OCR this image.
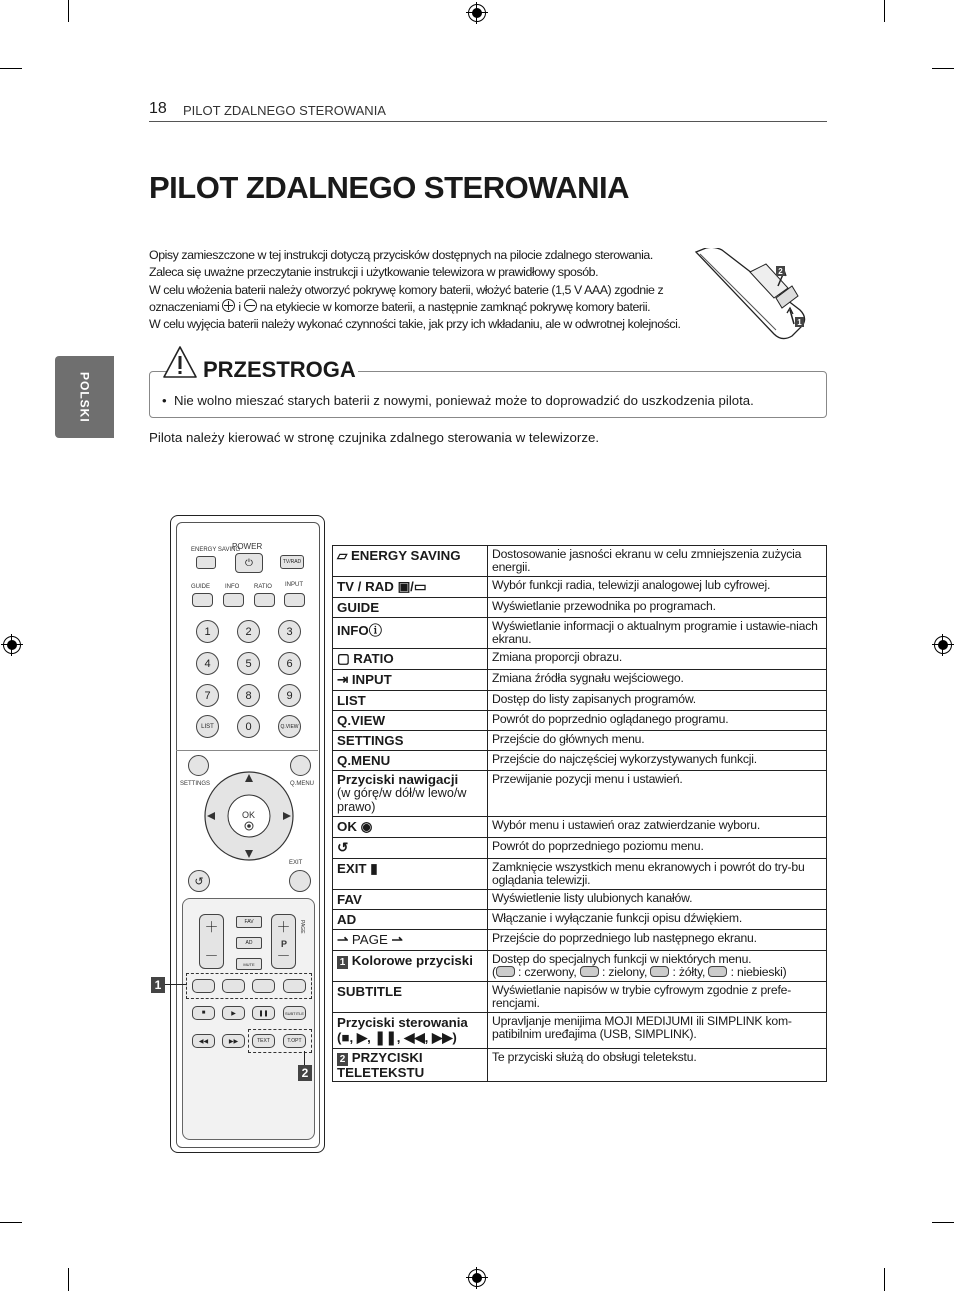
18 PILOT ZDALNEGO STEROWANIA
PILOT ZDALNEGO STEROWANIA
POLSKI

Opisy zamieszczone w tej instrukcji dotyczą przycisków dostępnych na pilocie zdalnego sterowania.

Zaleca się uważne przeczytanie instrukcji i użytkowanie telewizora w prawidłowy sposób.

W celu włożenia baterii należy otworzyć pokrywę komory baterii, włożyć baterie (1,5 V AAA) zgodnie z

oznaczeniami i na etykiecie w komorze baterii, a następnie zamknąć pokrywę komory baterii.

W celu wyjęcia baterii należy wykonać czynności takie, jak przy ich wkładaniu, ale w odwrotnej kolejności.

2
1
PRZESTROGA
•  Nie wolno mieszać starych baterii z nowymi, ponieważ może to doprowadzić do uszkodzenia pilota.
Pilota należy kierować w stronę czujnika zdalnego sterowania w telewizorze.
ENERGY SAVING
POWER
⏻	TV/RAD
GUIDE INFO RATIO INPUT
1	2	3
4	5	6
7	8	9
LIST	0	Q.VIEW
SETTINGS	Q.MENU
OK
EXIT
↺
＋
－
＋
－
P
FAV
AD
MUTE
PAGE
1
■	▶	❚❚	SUBTITLE
◀◀	▶▶	TEXT	T.OPT
2
▱ ENERGY SAVING	Dostosowanie jasności ekranu w celu zmniejszenia zużycia energii.
TV / RAD ▣/▭	Wybór funkcji radia, telewizji analogowej lub cyfrowej.
GUIDE	Wyświetlanie przewodnika po programach.
INFOⓘ	Wyświetlanie informacji o aktualnym programie i ustawie-niach ekranu.
▢ RATIO	Zmiana proporcji obrazu.
⇥ INPUT	Zmiana źródła sygnału wejściowego.
LIST	Dostęp do listy zapisanych programów.
Q.VIEW	Powrót do poprzednio oglądanego programu.
SETTINGS	Przejście do głównych menu.
Q.MENU	Przejście do najczęściej wykorzystywanych funkcji.
Przyciski nawigacji
(w górę/w dół/w lewo/w prawo)	Przewijanie pozycji menu i ustawień.
OK ◉	Wybór menu i ustawień oraz zatwierdzanie wyboru.
↺	Powrót do poprzedniego poziomu menu.
EXIT ▮	Zamknięcie wszystkich menu ekranowych i powrót do try-bu oglądania telewizji.
FAV	Wyświetlenie listy ulubionych kanałów.
AD	Włączanie i wyłączanie funkcji opisu dźwiękiem.
⇀ PAGE ⇀	Przejście do poprzedniego lub następnego ekranu.
1 Kolorowe przyciski	Dostęp do specjalnych funkcji w niektórych menu.
( : czerwony, : zielony, : żółty, : niebieski)
SUBTITLE	Wyświetlanie napisów w trybie cyfrowym zgodnie z prefe-rencjami.
Przyciski sterowania
(■, ▶, ❚❚, ◀◀, ▶▶)	Upravljanje menijima MOJI MEDIJUMI ili SIMPLINK kom-patibilnim uređajima (USB, SIMPLINK).
2 PRZYCISKI TELETEKSTU	Te przyciski służą do obsługi teletekstu.
